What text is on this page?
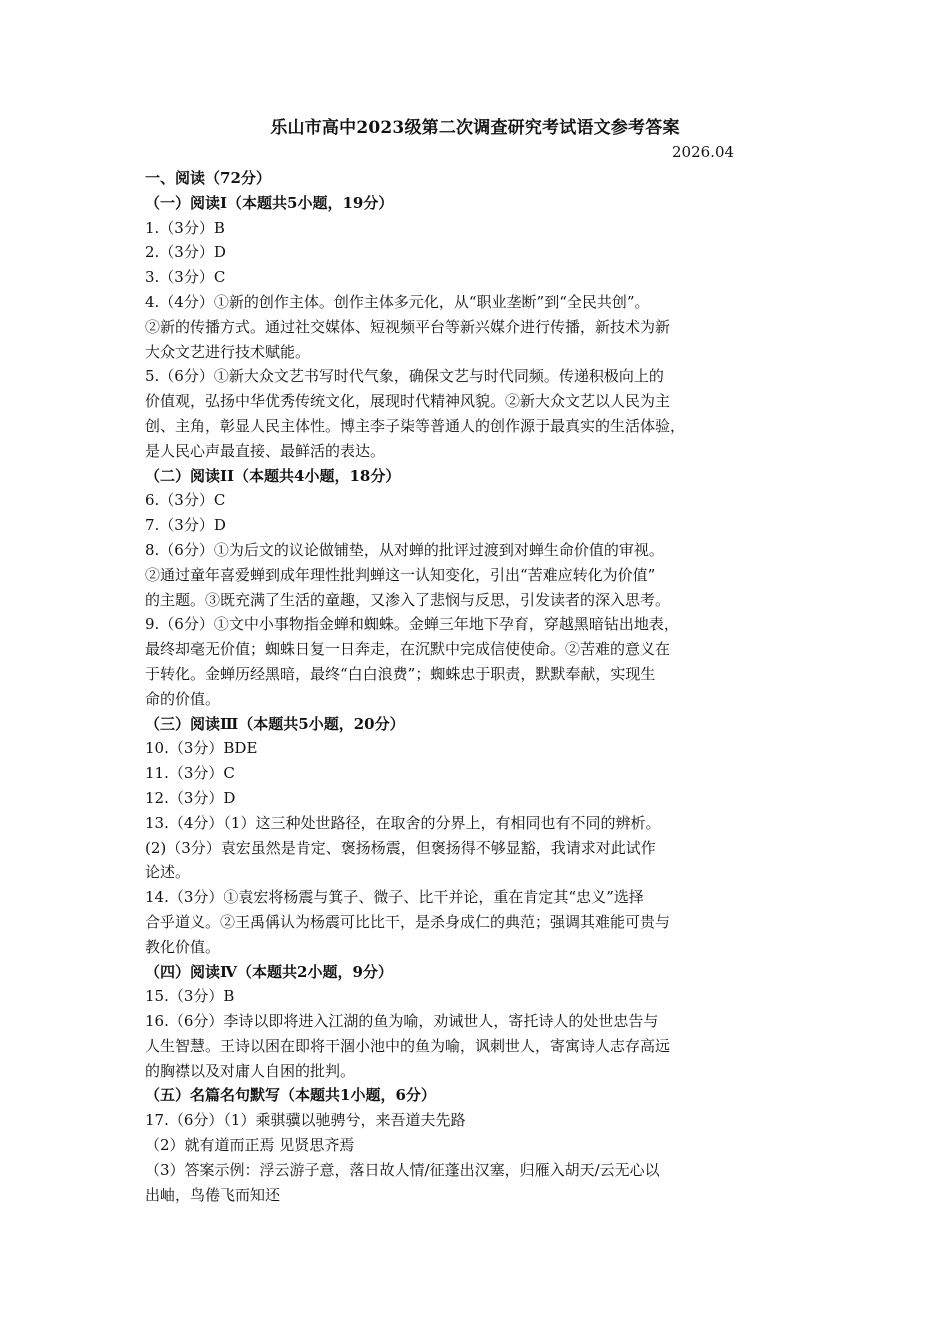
乐山市高中2023级第二次调查研究考试语文参考答案
2026.04
一、阅读（72分）
（一）阅读I（本题共5小题，19分）
1.（3分）B
2.（3分）D
3.（3分）C
4.（4分）①新的创作主体。创作主体多元化，从“职业垄断”到“全民共创”。
②新的传播方式。通过社交媒体、短视频平台等新兴媒介进行传播，新技术为新
大众文艺进行技术赋能。
5.（6分）①新大众文艺书写时代气象，确保文艺与时代同频。传递积极向上的
价值观，弘扬中华优秀传统文化，展现时代精神风貌。②新大众文艺以人民为主
创、主角，彰显人民主体性。博主李子柒等普通人的创作源于最真实的生活体验，
是人民心声最直接、最鲜活的表达。
（二）阅读II（本题共4小题，18分）
6.（3分）C
7.（3分）D
8.（6分）①为后文的议论做铺垫，从对蝉的批评过渡到对蝉生命价值的审视。
②通过童年喜爱蝉到成年理性批判蝉这一认知变化，引出“苦难应转化为价值”
的主题。③既充满了生活的童趣，又渗入了悲悯与反思，引发读者的深入思考。
9.（6分）①文中小事物指金蝉和蜘蛛。金蝉三年地下孕育，穿越黑暗钻出地表，
最终却毫无价值；蜘蛛日复一日奔走，在沉默中完成信使使命。②苦难的意义在
于转化。金蝉历经黑暗，最终“白白浪费”；蜘蛛忠于职责，默默奉献，实现生
命的价值。
（三）阅读Ⅲ（本题共5小题，20分）
10.（3分）BDE
11.（3分）C
12.（3分）D
13.（4分）（1）这三种处世路径，在取舍的分界上，有相同也有不同的辨析。
(2)（3分）袁宏虽然是肯定、褒扬杨震，但褒扬得不够显豁，我请求对此试作
论述。
14.（3分）①袁宏将杨震与箕子、微子、比干并论，重在肯定其“忠义”选择
合乎道义。②王禹偁认为杨震可比比干，是杀身成仁的典范；强调其难能可贵与
教化价值。
（四）阅读Ⅳ（本题共2小题，9分）
15.（3分）B
16.（6分）李诗以即将进入江湖的鱼为喻，劝诫世人，寄托诗人的处世忠告与
人生智慧。王诗以困在即将干涸小池中的鱼为喻，讽刺世人，寄寓诗人志存高远
的胸襟以及对庸人自困的批判。
（五）名篇名句默写（本题共1小题，6分）
17.（6分）（1）乘骐骥以驰骋兮，来吾道夫先路
（2）就有道而正焉 见贤思齐焉
（3）答案示例：浮云游子意，落日故人情/征蓬出汉塞，归雁入胡天/云无心以
出岫，鸟倦飞而知还
